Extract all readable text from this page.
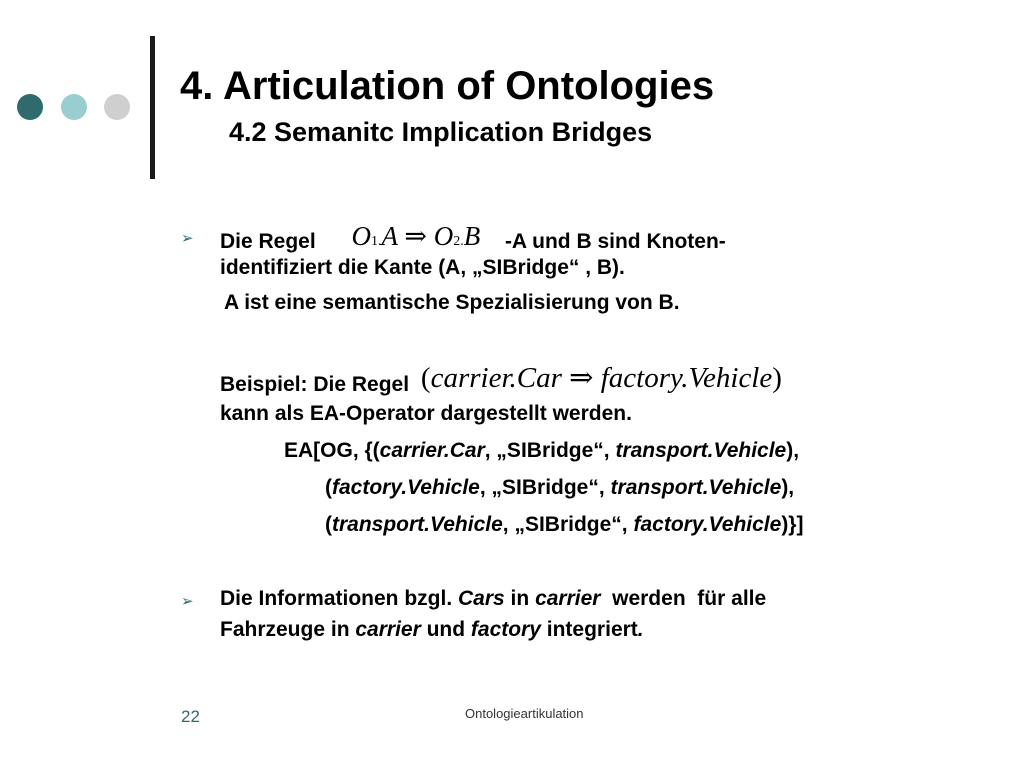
4. Articulation of Ontologies
4.2 Semanitc Implication Bridges
➢ Die Regel O1.A ⇒ O2.B -A und B sind Knoten-
identifiziert die Kante (A, „SIBridge“ , B).
A ist eine semantische Spezialisierung von B.
Beispiel: Die Regel (carrier.Car ⇒ factory.Vehicle)
kann als EA-Operator dargestellt werden.
EA[OG, {(carrier.Car, „SIBridge“, transport.Vehicle),
(factory.Vehicle, „SIBridge“, transport.Vehicle),
(transport.Vehicle, „SIBridge“, factory.Vehicle)}]
➢ Die Informationen bzgl. Cars in carrier  werden  für alle
Fahrzeuge in carrier und factory integriert.
22	Ontologieartikulation
